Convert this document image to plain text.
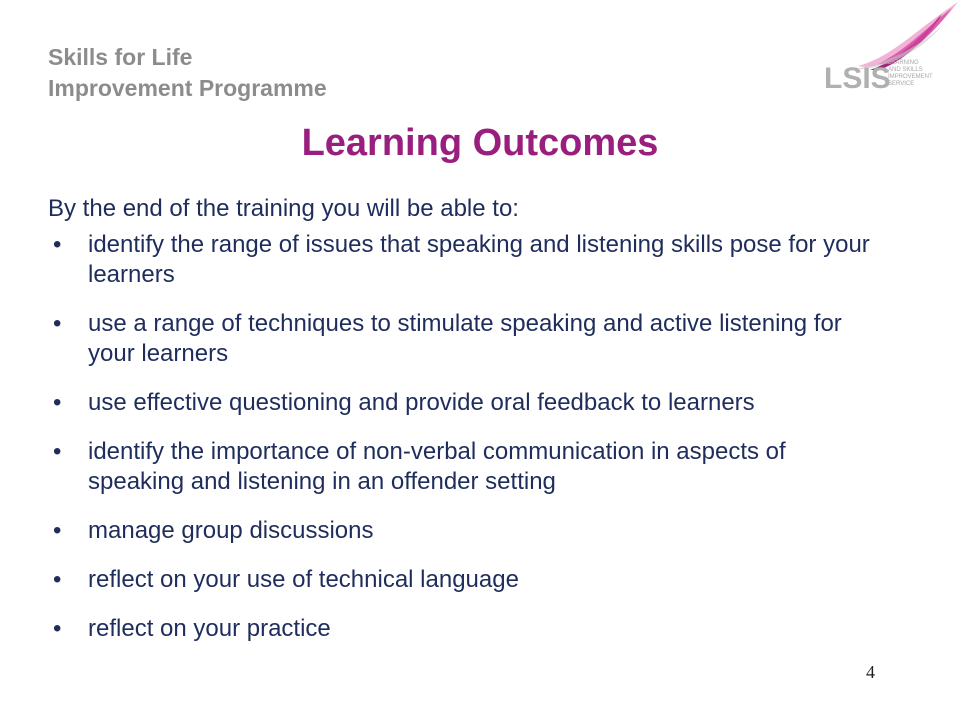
Skills for Life
Improvement Programme	LSIS
LEARNING
AND SKILLS
IMPROVEMENT
SERVICE
Learning Outcomes
By the end of the training you will be able to:
•	identify the range of issues that speaking and listening skills pose for your learners
•	use a range of techniques to stimulate speaking and active listening for your learners
•	use effective questioning and provide oral feedback to learners
•	identify the importance of non-verbal communication in aspects of speaking and listening in an offender setting
•	manage group discussions
•	reflect on your use of technical language
•	reflect on your practice
4
